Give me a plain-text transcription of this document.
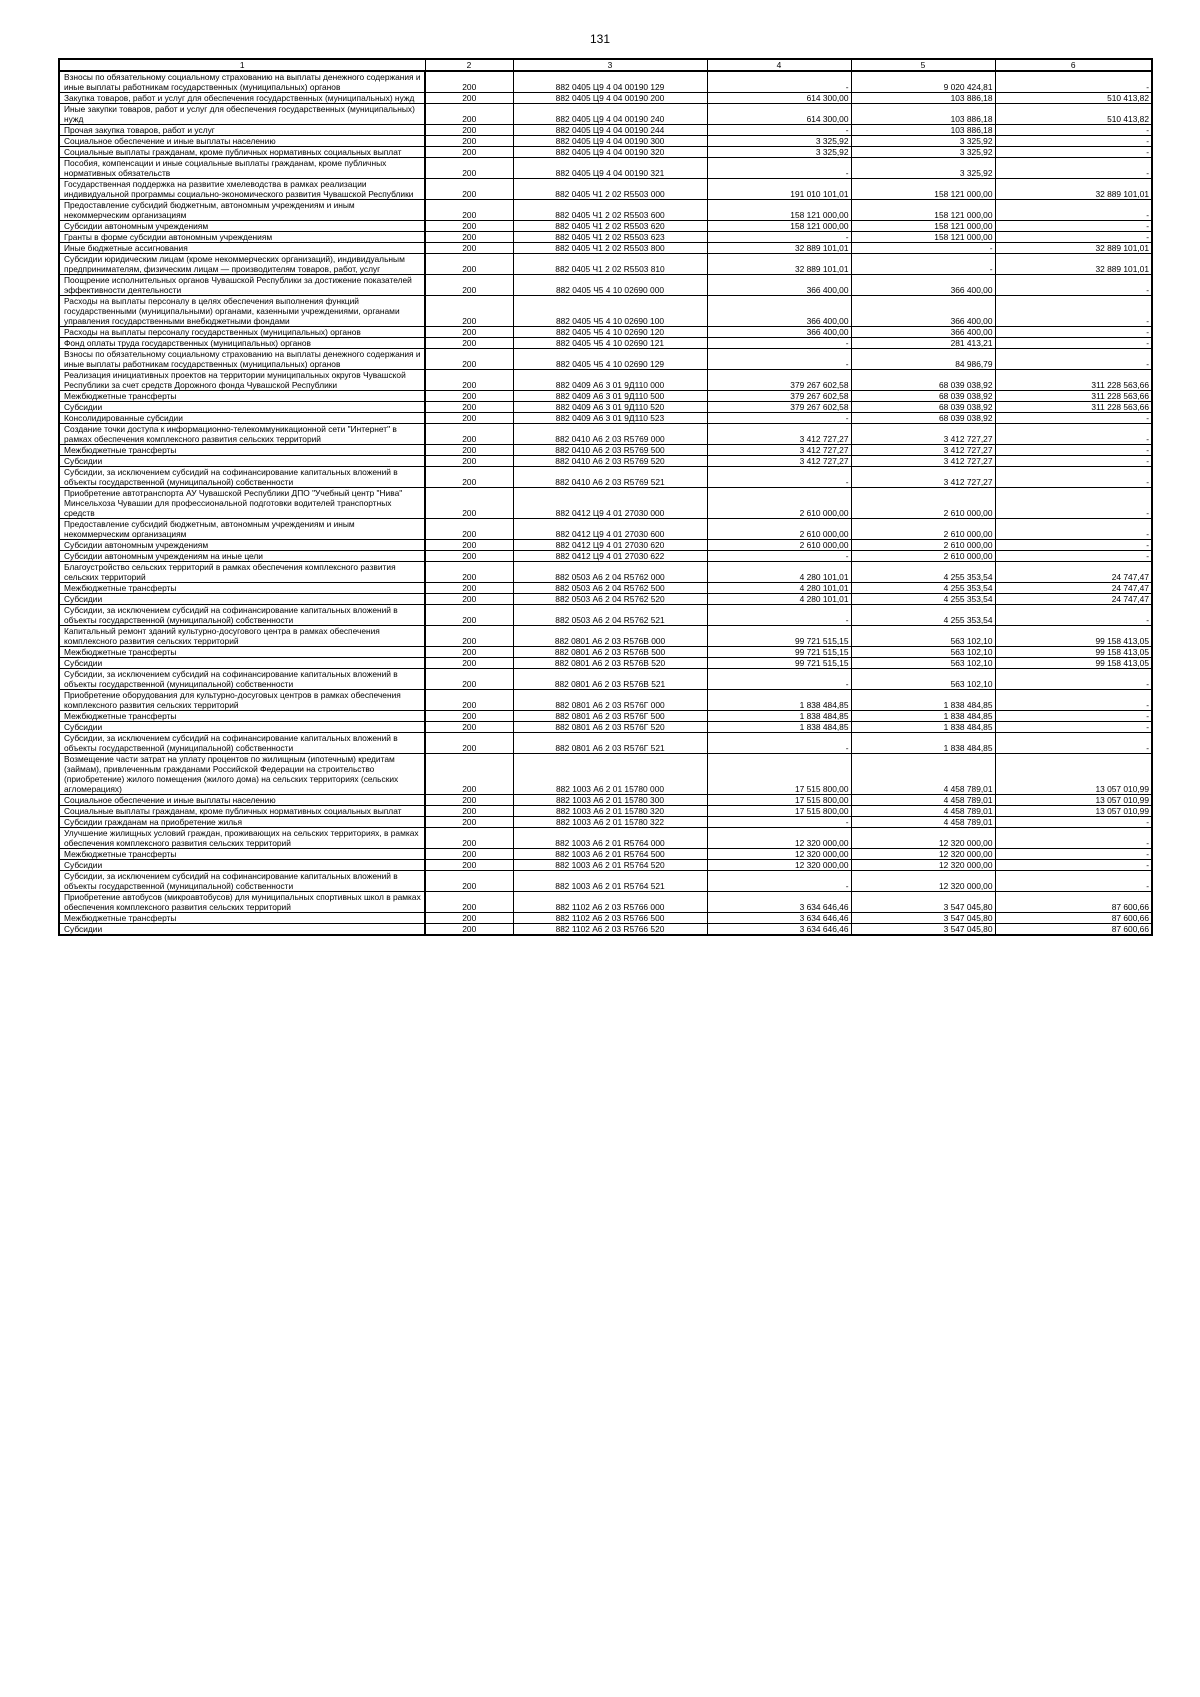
131
1	2	3	4	5	6
Взносы по обязательному социальному страхованию на выплаты денежного содержания и иные выплаты работникам государственных (муниципальных) органов	200	882 0405 Ц9 4 04 00190 129	-	9 020 424,81	-
Закупка товаров, работ и услуг для обеспечения государственных (муниципальных) нужд	200	882 0405 Ц9 4 04 00190 200	614 300,00	103 886,18	510 413,82
Иные закупки товаров, работ и услуг для обеспечения государственных (муниципальных) нужд	200	882 0405 Ц9 4 04 00190 240	614 300,00	103 886,18	510 413,82
Прочая закупка товаров, работ и услуг	200	882 0405 Ц9 4 04 00190 244	-	103 886,18	-
Социальное обеспечение и иные выплаты населению	200	882 0405 Ц9 4 04 00190 300	3 325,92	3 325,92	-
Социальные выплаты гражданам, кроме публичных нормативных социальных выплат	200	882 0405 Ц9 4 04 00190 320	3 325,92	3 325,92	-
Пособия, компенсации и иные социальные выплаты гражданам, кроме публичных нормативных обязательств	200	882 0405 Ц9 4 04 00190 321	-	3 325,92	-
Государственная поддержка на развитие хмелеводства в рамках реализации индивидуальной программы социально-экономического развития Чувашской Республики	200	882 0405 Ч1 2 02 R5503 000	191 010 101,01	158 121 000,00	32 889 101,01
Предоставление субсидий бюджетным, автономным учреждениям и иным некоммерческим организациям	200	882 0405 Ч1 2 02 R5503 600	158 121 000,00	158 121 000,00	-
Субсидии автономным учреждениям	200	882 0405 Ч1 2 02 R5503 620	158 121 000,00	158 121 000,00	-
Гранты в форме субсидии автономным учреждениям	200	882 0405 Ч1 2 02 R5503 623	-	158 121 000,00	-
Иные бюджетные ассигнования	200	882 0405 Ч1 2 02 R5503 800	32 889 101,01	-	32 889 101,01
Субсидии юридическим лицам (кроме некоммерческих организаций), индивидуальным предпринимателям, физическим лицам — производителям товаров, работ, услуг	200	882 0405 Ч1 2 02 R5503 810	32 889 101,01	-	32 889 101,01
Поощрение исполнительных органов Чувашской Республики за достижение показателей эффективности деятельности	200	882 0405 Ч5 4 10 02690 000	366 400,00	366 400,00	-
Расходы на выплаты персоналу в целях обеспечения выполнения функций государственными (муниципальными) органами, казенными учреждениями, органами управления государственными внебюджетными фондами	200	882 0405 Ч5 4 10 02690 100	366 400,00	366 400,00	-
Расходы на выплаты персоналу государственных (муниципальных) органов	200	882 0405 Ч5 4 10 02690 120	366 400,00	366 400,00	-
Фонд оплаты труда государственных (муниципальных) органов	200	882 0405 Ч5 4 10 02690 121	-	281 413,21	-
Взносы по обязательному социальному страхованию на выплаты денежного содержания и иные выплаты работникам государственных (муниципальных) органов	200	882 0405 Ч5 4 10 02690 129	-	84 986,79	-
Реализация инициативных проектов на территории муниципальных округов Чувашской Республики за счет средств Дорожного фонда Чувашской Республики	200	882 0409 А6 3 01 9Д110 000	379 267 602,58	68 039 038,92	311 228 563,66
Межбюджетные трансферты	200	882 0409 А6 3 01 9Д110 500	379 267 602,58	68 039 038,92	311 228 563,66
Субсидии	200	882 0409 А6 3 01 9Д110 520	379 267 602,58	68 039 038,92	311 228 563,66
Консолидированные субсидии	200	882 0409 А6 3 01 9Д110 523	-	68 039 038,92	-
Создание точки доступа к информационно-телекоммуникационной сети "Интернет" в рамках обеспечения комплексного развития сельских территорий	200	882 0410 А6 2 03 R5769 000	3 412 727,27	3 412 727,27	-
Межбюджетные трансферты	200	882 0410 А6 2 03 R5769 500	3 412 727,27	3 412 727,27	-
Субсидии	200	882 0410 А6 2 03 R5769 520	3 412 727,27	3 412 727,27	-
Субсидии, за исключением субсидий на софинансирование капитальных вложений в объекты государственной (муниципальной) собственности	200	882 0410 А6 2 03 R5769 521	-	3 412 727,27	-
Приобретение автотранспорта АУ Чувашской Республики ДПО "Учебный центр "Нива" Минсельхоза Чувашии для профессиональной подготовки водителей транспортных средств	200	882 0412 Ц9 4 01 27030 000	2 610 000,00	2 610 000,00	-
Предоставление субсидий бюджетным, автономным учреждениям и иным некоммерческим организациям	200	882 0412 Ц9 4 01 27030 600	2 610 000,00	2 610 000,00	-
Субсидии автономным учреждениям	200	882 0412 Ц9 4 01 27030 620	2 610 000,00	2 610 000,00	-
Субсидии автономным учреждениям на иные цели	200	882 0412 Ц9 4 01 27030 622	-	2 610 000,00	-
Благоустройство сельских территорий в рамках обеспечения комплексного развития сельских территорий	200	882 0503 А6 2 04 R5762 000	4 280 101,01	4 255 353,54	24 747,47
Межбюджетные трансферты	200	882 0503 А6 2 04 R5762 500	4 280 101,01	4 255 353,54	24 747,47
Субсидии	200	882 0503 А6 2 04 R5762 520	4 280 101,01	4 255 353,54	24 747,47
Субсидии, за исключением субсидий на софинансирование капитальных вложений в объекты государственной (муниципальной) собственности	200	882 0503 А6 2 04 R5762 521	-	4 255 353,54	-
Капитальный ремонт зданий культурно-досугового центра в рамках обеспечения комплексного развития сельских территорий	200	882 0801 А6 2 03 R576В 000	99 721 515,15	563 102,10	99 158 413,05
Межбюджетные трансферты	200	882 0801 А6 2 03 R576В 500	99 721 515,15	563 102,10	99 158 413,05
Субсидии	200	882 0801 А6 2 03 R576В 520	99 721 515,15	563 102,10	99 158 413,05
Субсидии, за исключением субсидий на софинансирование капитальных вложений в объекты государственной (муниципальной) собственности	200	882 0801 А6 2 03 R576В 521	-	563 102,10	-
Приобретение оборудования для культурно-досуговых центров в рамках обеспечения комплексного развития сельских территорий	200	882 0801 А6 2 03 R576Г 000	1 838 484,85	1 838 484,85	-
Межбюджетные трансферты	200	882 0801 А6 2 03 R576Г 500	1 838 484,85	1 838 484,85	-
Субсидии	200	882 0801 А6 2 03 R576Г 520	1 838 484,85	1 838 484,85	-
Субсидии, за исключением субсидий на софинансирование капитальных вложений в объекты государственной (муниципальной) собственности	200	882 0801 А6 2 03 R576Г 521	-	1 838 484,85	-
Возмещение части затрат на уплату процентов по жилищным (ипотечным) кредитам (займам), привлеченным гражданами Российской Федерации на строительство (приобретение) жилого помещения (жилого дома) на сельских территориях (сельских агломерациях)	200	882 1003 А6 2 01 15780 000	17 515 800,00	4 458 789,01	13 057 010,99
Социальное обеспечение и иные выплаты населению	200	882 1003 А6 2 01 15780 300	17 515 800,00	4 458 789,01	13 057 010,99
Социальные выплаты гражданам, кроме публичных нормативных социальных выплат	200	882 1003 А6 2 01 15780 320	17 515 800,00	4 458 789,01	13 057 010,99
Субсидии гражданам на приобретение жилья	200	882 1003 А6 2 01 15780 322	-	4 458 789,01	-
Улучшение жилищных условий граждан, проживающих на сельских территориях, в рамках обеспечения комплексного развития сельских территорий	200	882 1003 А6 2 01 R5764 000	12 320 000,00	12 320 000,00	-
Межбюджетные трансферты	200	882 1003 А6 2 01 R5764 500	12 320 000,00	12 320 000,00	-
Субсидии	200	882 1003 А6 2 01 R5764 520	12 320 000,00	12 320 000,00	-
Субсидии, за исключением субсидий на софинансирование капитальных вложений в объекты государственной (муниципальной) собственности	200	882 1003 А6 2 01 R5764 521	-	12 320 000,00	-
Приобретение автобусов (микроавтобусов) для муниципальных спортивных школ в рамках обеспечения комплексного развития сельских территорий	200	882 1102 А6 2 03 R5766 000	3 634 646,46	3 547 045,80	87 600,66
Межбюджетные трансферты	200	882 1102 А6 2 03 R5766 500	3 634 646,46	3 547 045,80	87 600,66
Субсидии	200	882 1102 А6 2 03 R5766 520	3 634 646,46	3 547 045,80	87 600,66
